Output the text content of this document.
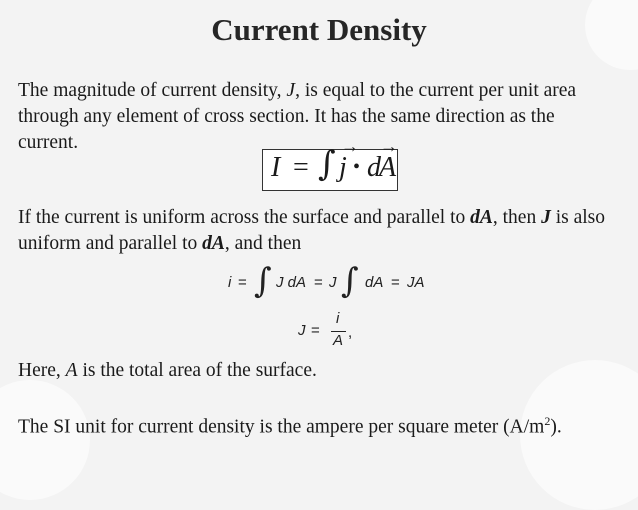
Current Density
The magnitude of current density, J, is equal to the current per unit area through any element of cross section. It has the same direction as the current.
I = ∫ j
→
• d
A
→
If the current is uniform across the surface and parallel to dA, then J is also uniform and parallel to dA, and then
i = ∫ J dA = J ∫ dA = JA
J =
i
A ,
Here, A is the total area of the surface.
The SI unit for current density is the ampere per square meter $(A/m^2)$.
